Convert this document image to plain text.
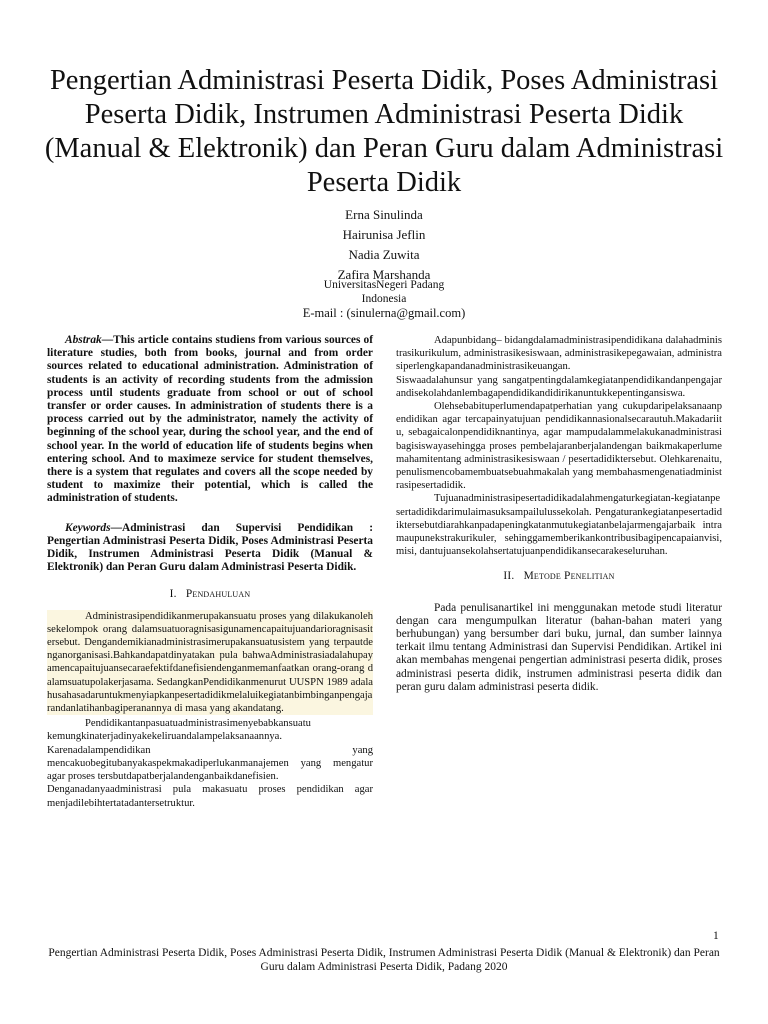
Pengertian Administrasi Peserta Didik, Poses Administrasi Peserta Didik, Instrumen Administrasi Peserta Didik (Manual & Elektronik) dan Peran Guru dalam Administrasi Peserta Didik
Erna Sinulinda
Hairunisa Jeflin
Nadia Zuwita
Zafira Marshanda
UniversitasNegeri Padang
Indonesia
E-mail : (sinulerna@gmail.com)

Abstrak—This article contains studiens from various sources of literature studies, both from books, journal and from order sources related to educational administration. Administration of students is an activity of recording students from the admission process until students graduate from school or out of school transfer or order causes. In administration of students there is a process carried out by the administrator, namely the activity of beginning of the school year, during the school year, and the end of school year. In the world of education life of students begins when entering school. And to maximeze service for student themselves, there is a system that regulates and covers all the scope needed by student to maximize their potential, which is called the administration of students.

Keywords—Administrasi dan Supervisi Pendidikan : Pengertian Administrasi Peserta Didik, Poses Administrasi Peserta Didik, Instrumen Administrasi Peserta Didik (Manual & Elektronik) dan Peran Guru dalam Administrasi Peserta Didik.

I. Pendahuluan

Administrasipendidikanmerupakansuatu proses yang dilakukanolehsekelompok orang dalamsuatuoragnisasigunamencapaitujuandarioragnisasitersebut. Dengandemikianadministrasimerupakansuatusistem yang terpautdenganorganisasi.Bahkandapatdinyatakan pula bahwaAdministrasiadalahupayamencapaitujuansecaraefektifdanefisiendenganmemanfaatkan orang-orang dalamsuatupolakerjasama. SedangkanPendidikanmenurut UUSPN 1989 adalahusahasadaruntukmenyiapkanpesertadidikmelaluikegiatanbimbinganpengajarandanlatihanbagiperanannya di masa yang akandatang.

Pendidikantanpasuatuadministrasimenyebabkansuatu kemungkinaterjadinyakekeliruandalampelaksanaannya. Karenadalampendidikan yang mencakuobegitubanyakaspekmakadiperlukanmanajemen yang mengatur agar proses tersbutdapatberjalandenganbaikdanefisien.

Denganadanyaadministrasi pula makasuatu proses pendidikan agar menjadilebihtertatadantersetruktur.

Adapunbidang– bidangdalamadministrasipendidikana dalahadministrasikurikulum, administrasikesiswaan, administrasikepegawaian, administrasiperlengkapandanadministrasikeuangan.

Siswaadalahunsur yang sangatpentingdalamkegiatanpendidikandanpengajarandisekolahdanlembagapendidikandidirikanuntukkepentingansiswa.

Olehsebabituperlumendapatperhatian yang cukupdaripelaksanaanpendidikan agar tercapainyatujuan pendidikannasionalsecarautuh.Makadariitu, sebagaicalonpendidiknantinya, agar mampudalammelakukanadministrasibagisiswayasehingga proses pembelajaranberjalandengan baikmakaperlumemahamitentang administrasikesiswaan / pesertadidiktersebut. Olehkarenaitu, penulismencobamembuatsebuahmakalah yang membahasmengenatiadministrasipesertadidik.

Tujuanadministrasipesertadidikadalahmengaturkegiatan-kegiatanpesertadidikdarimulaimasuksampailulussekolah. Pengaturankegiatanpesertadidiktersebutdiarahkanpadapeningkatanmutukegiatanbelajarmengajarbaik intra maupunekstrakurikuler, sehinggamemberikankontribusibagipencapaianvisi, misi, dantujuansekolahsertatujuanpendidikansecarakeseluruhan.

II. Metode Penelitian

Pada penulisanartikel ini menggunakan metode studi literatur dengan cara mengumpulkan literatur (bahan-bahan materi yang berhubungan) yang bersumber dari buku, jurnal, dan sumber lainnya terkait ilmu tentang Administrasi dan Supervisi Pendidikan. Artikel ini akan membahas mengenai pengertian administrasi peserta didik, proses administrasi peserta didik, instrumen administrasi peserta didik dan peran guru dalam administrasi peserta didik.

1
Pengertian Administrasi Peserta Didik, Poses Administrasi Peserta Didik, Instrumen Administrasi Peserta Didik (Manual & Elektronik) dan Peran Guru dalam Administrasi Peserta Didik, Padang 2020
